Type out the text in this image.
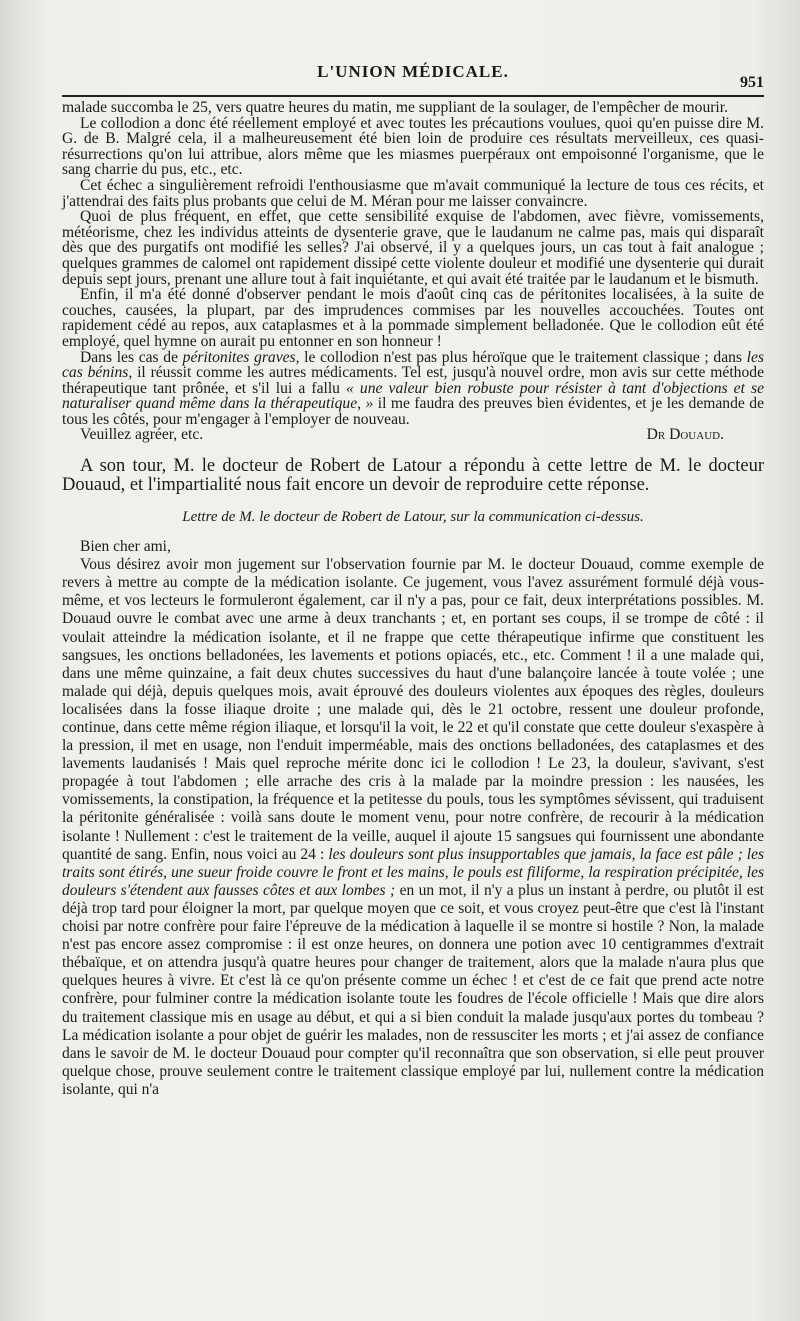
L'UNION MÉDICALE.
951

malade succomba le 25, vers quatre heures du matin, me suppliant de la soulager, de l'empêcher de mourir.

Le collodion a donc été réellement employé et avec toutes les précautions voulues, quoi qu'en puisse dire M. G. de B. Malgré cela, il a malheureusement été bien loin de produire ces résultats merveilleux, ces quasi-résurrections qu'on lui attribue, alors même que les miasmes puerpéraux ont empoisonné l'organisme, que le sang charrie du pus, etc., etc.

Cet échec a singulièrement refroidi l'enthousiasme que m'avait communiqué la lecture de tous ces récits, et j'attendrai des faits plus probants que celui de M. Méran pour me laisser convaincre.

Quoi de plus fréquent, en effet, que cette sensibilité exquise de l'abdomen, avec fièvre, vomissements, météorisme, chez les individus atteints de dysenterie grave, que le laudanum ne calme pas, mais qui disparaît dès que des purgatifs ont modifié les selles? J'ai observé, il y a quelques jours, un cas tout à fait analogue ; quelques grammes de calomel ont rapidement dissipé cette violente douleur et modifié une dysenterie qui durait depuis sept jours, prenant une allure tout à fait inquiétante, et qui avait été traitée par le laudanum et le bismuth.

Enfin, il m'a été donné d'observer pendant le mois d'août cinq cas de péritonites localisées, à la suite de couches, causées, la plupart, par des imprudences commises par les nouvelles accouchées. Toutes ont rapidement cédé au repos, aux cataplasmes et à la pommade simplement belladonée. Que le collodion eût été employé, quel hymne on aurait pu entonner en son honneur !

Dans les cas de péritonites graves, le collodion n'est pas plus héroïque que le traitement classique ; dans les cas bénins, il réussit comme les autres médicaments. Tel est, jusqu'à nouvel ordre, mon avis sur cette méthode thérapeutique tant prônée, et s'il lui a fallu « une valeur bien robuste pour résister à tant d'objections et se naturaliser quand même dans la thérapeutique, » il me faudra des preuves bien évidentes, et je les demande de tous les côtés, pour m'engager à l'employer de nouveau.

Veuillez agréer, etc.	Dr Douaud.

A son tour, M. le docteur de Robert de Latour a répondu à cette lettre de M. le docteur Douaud, et l'impartialité nous fait encore un devoir de reproduire cette réponse.

Lettre de M. le docteur de Robert de Latour, sur la communication ci-dessus.

Bien cher ami,

Vous désirez avoir mon jugement sur l'observation fournie par M. le docteur Douaud, comme exemple de revers à mettre au compte de la médication isolante. Ce jugement, vous l'avez assurément formulé déjà vous-même, et vos lecteurs le formuleront également, car il n'y a pas, pour ce fait, deux interprétations possibles. M. Douaud ouvre le combat avec une arme à deux tranchants ; et, en portant ses coups, il se trompe de côté : il voulait atteindre la médication isolante, et il ne frappe que cette thérapeutique infirme que constituent les sangsues, les onctions belladonées, les lavements et potions opiacés, etc., etc. Comment ! il a une malade qui, dans une même quinzaine, a fait deux chutes successives du haut d'une balançoire lancée à toute volée ; une malade qui déjà, depuis quelques mois, avait éprouvé des douleurs violentes aux époques des règles, douleurs localisées dans la fosse iliaque droite ; une malade qui, dès le 21 octobre, ressent une douleur profonde, continue, dans cette même région iliaque, et lorsqu'il la voit, le 22 et qu'il constate que cette douleur s'exaspère à la pression, il met en usage, non l'enduit imperméable, mais des onctions belladonées, des cataplasmes et des lavements laudanisés ! Mais quel reproche mérite donc ici le collodion ! Le 23, la douleur, s'avivant, s'est propagée à tout l'abdomen ; elle arrache des cris à la malade par la moindre pression : les nausées, les vomissements, la constipation, la fréquence et la petitesse du pouls, tous les symptômes sévissent, qui traduisent la péritonite généralisée : voilà sans doute le moment venu, pour notre confrère, de recourir à la médication isolante ! Nullement : c'est le traitement de la veille, auquel il ajoute 15 sangsues qui fournissent une abondante quantité de sang. Enfin, nous voici au 24 : les douleurs sont plus insupportables que jamais, la face est pâle ; les traits sont étirés, une sueur froide couvre le front et les mains, le pouls est filiforme, la respiration précipitée, les douleurs s'étendent aux fausses côtes et aux lombes ; en un mot, il n'y a plus un instant à perdre, ou plutôt il est déjà trop tard pour éloigner la mort, par quelque moyen que ce soit, et vous croyez peut-être que c'est là l'instant choisi par notre confrère pour faire l'épreuve de la médication à laquelle il se montre si hostile ? Non, la malade n'est pas encore assez compromise : il est onze heures, on donnera une potion avec 10 centigrammes d'extrait thébaïque, et on attendra jusqu'à quatre heures pour changer de traitement, alors que la malade n'aura plus que quelques heures à vivre. Et c'est là ce qu'on présente comme un échec ! et c'est de ce fait que prend acte notre confrère, pour fulminer contre la médication isolante toute les foudres de l'école officielle ! Mais que dire alors du traitement classique mis en usage au début, et qui a si bien conduit la malade jusqu'aux portes du tombeau ? La médication isolante a pour objet de guérir les malades, non de ressusciter les morts ; et j'ai assez de confiance dans le savoir de M. le docteur Douaud pour compter qu'il reconnaîtra que son observation, si elle peut prouver quelque chose, prouve seulement contre le traitement classique employé par lui, nullement contre la médication isolante, qui n'a
